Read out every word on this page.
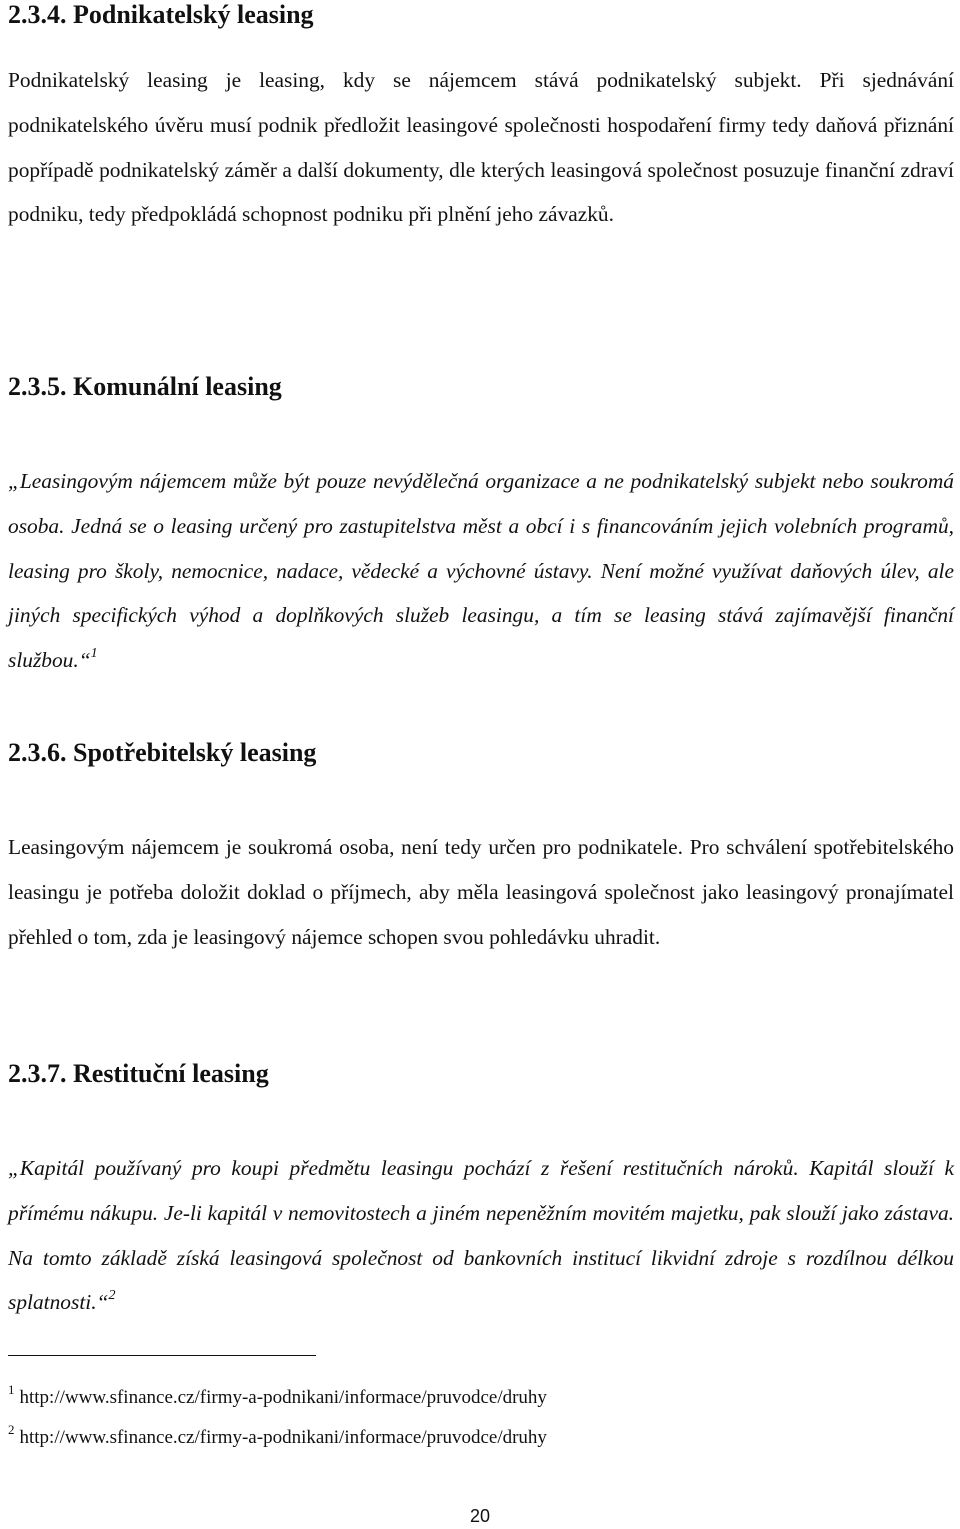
2.3.4. Podnikatelský leasing

Podnikatelský leasing je leasing, kdy se nájemcem stává podnikatelský subjekt. Při sjednávání podnikatelského úvěru musí podnik předložit leasingové společnosti hospodaření firmy tedy daňová přiznání popřípadě podnikatelský záměr a další dokumenty, dle kterých leasingová společnost posuzuje finanční zdraví podniku, tedy předpokládá schopnost podniku při plnění jeho závazků.

2.3.5. Komunální leasing

„Leasingovým nájemcem může být pouze nevýdělečná organizace a ne podnikatelský subjekt nebo soukromá osoba. Jedná se o leasing určený pro zastupitelstva měst a obcí i s financováním jejich volebních programů, leasing pro školy, nemocnice, nadace, vědecké a výchovné ústavy. Není možné využívat daňových úlev, ale jiných specifických výhod a doplňkových služeb leasingu, a tím se leasing stává zajímavější finanční službou.“$^1$

2.3.6. Spotřebitelský leasing

Leasingovým nájemcem je soukromá osoba, není tedy určen pro podnikatele. Pro schválení spotřebitelského leasingu je potřeba doložit doklad o příjmech, aby měla leasingová společnost jako leasingový pronajímatel přehled o tom, zda je leasingový nájemce schopen svou pohledávku uhradit.

2.3.7. Restituční leasing

„Kapitál používaný pro koupi předmětu leasingu pochází z řešení restitučních nároků. Kapitál slouží k přímému nákupu. Je-li kapitál v nemovitostech a jiném nepeněžním movitém majetku, pak slouží jako zástava. Na tomto základě získá leasingová společnost od bankovních institucí likvidní zdroje s rozdílnou délkou splatnosti.“$^2$

$^1$ http://www.sfinance.cz/firmy-a-podnikani/informace/pruvodce/druhy
$^2$ http://www.sfinance.cz/firmy-a-podnikani/informace/pruvodce/druhy
20
